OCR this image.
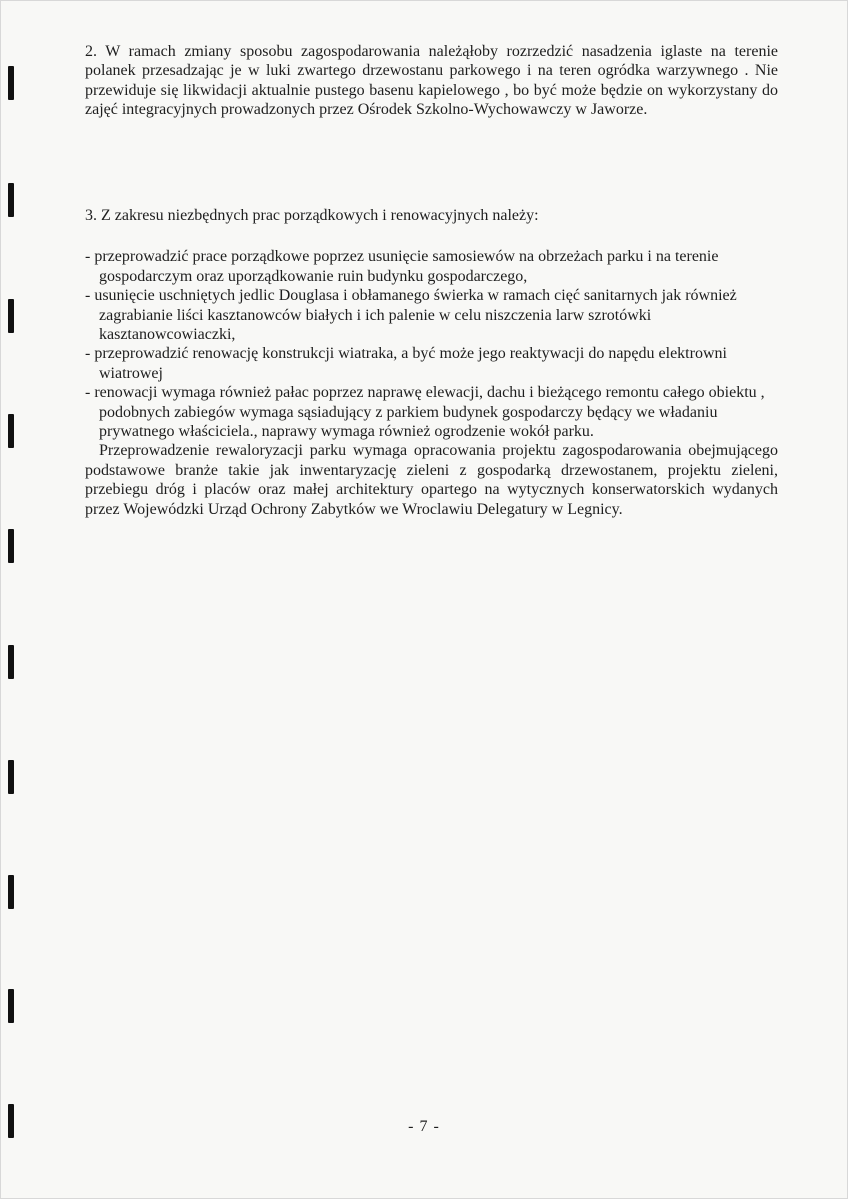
2. W ramach zmiany sposobu zagospodarowania należąłoby rozrzedzić nasadzenia iglaste na terenie polanek przesadzając je w luki zwartego drzewostanu parkowego i na teren ogródka warzywnego . Nie przewiduje się likwidacji aktualnie pustego basenu kapielowego , bo być może będzie on wykorzystany do zajęć integracyjnych prowadzonych przez Ośrodek Szkolno-Wychowawczy w Jaworze.

3. Z zakresu niezbędnych prac porządkowych i renowacyjnych należy:

- przeprowadzić prace porządkowe poprzez usunięcie samosiewów na obrzeżach parku i na terenie gospodarczym oraz uporządkowanie ruin budynku gospodarczego,

- usunięcie uschniętych jedlic Douglasa i obłamanego świerka w ramach cięć sanitarnych jak również zagrabianie liści kasztanowców białych i ich palenie w celu niszczenia larw szrotówki kasztanowcowiaczki,

- przeprowadzić renowację konstrukcji wiatraka, a być może jego reaktywacji do napędu elektrowni wiatrowej

- renowacji wymaga również pałac poprzez naprawę elewacji, dachu i bieżącego remontu całego obiektu , podobnych zabiegów wymaga sąsiadujący z parkiem budynek gospodarczy będący we władaniu prywatnego właściciela., naprawy wymaga również ogrodzenie wokół parku.

Przeprowadzenie rewaloryzacji parku wymaga opracowania projektu zagospodarowania obejmującego podstawowe branże takie jak inwentaryzację zieleni z gospodarką drzewostanem, projektu zieleni, przebiegu dróg i placów oraz małej architektury opartego na wytycznych konserwatorskich wydanych przez Wojewódzki Urząd Ochrony Zabytków we Wroclawiu Delegatury w Legnicy.

- 7 -
